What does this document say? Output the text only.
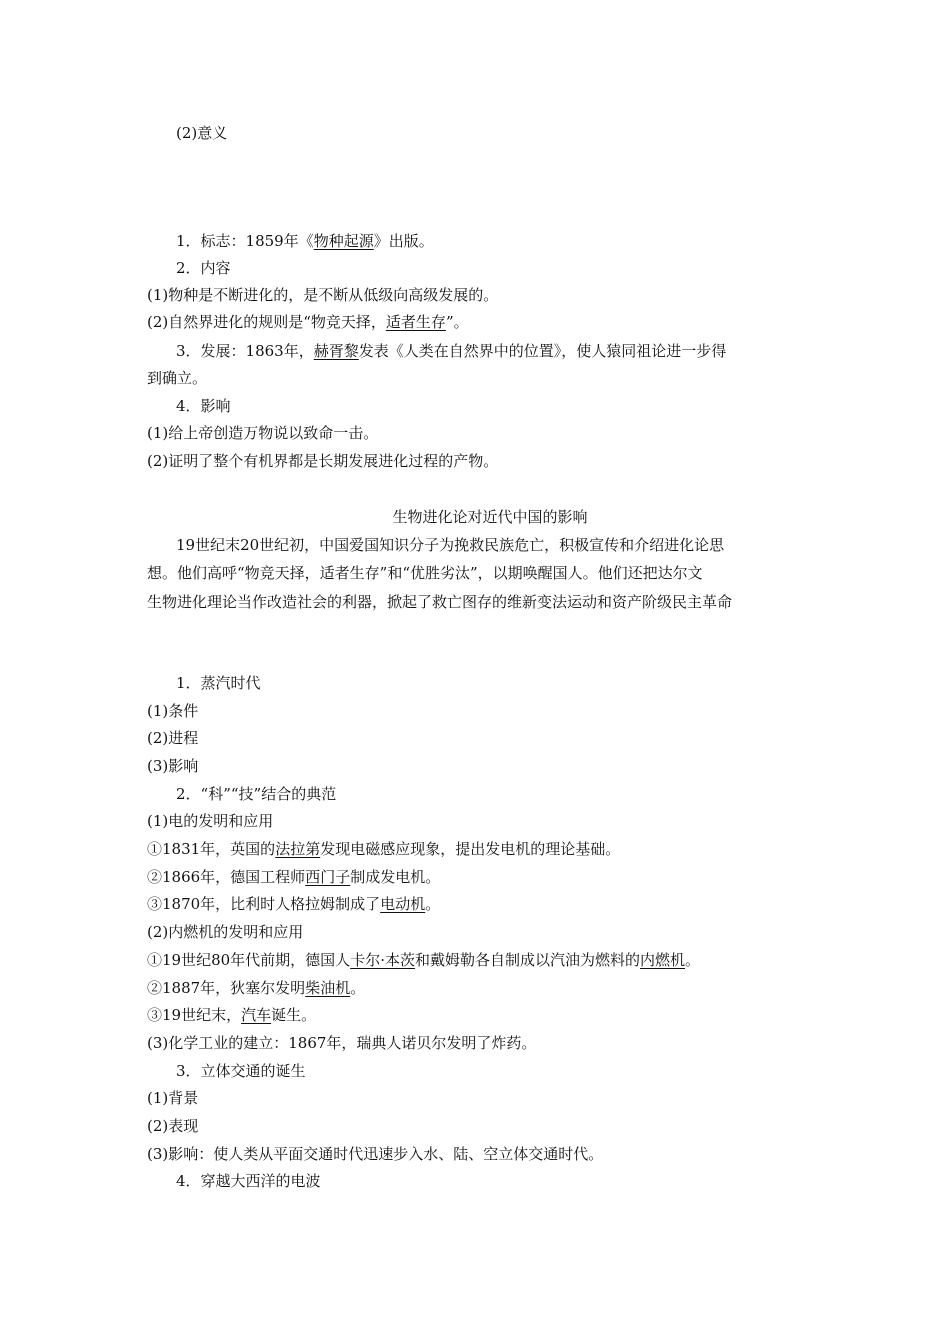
(2)意义
1．标志：1859年《物种起源》出版。
2．内容
(1)物种是不断进化的，是不断从低级向高级发展的。
(2)自然界进化的规则是“物竞天择，适者生存”。
3．发展：1863年，赫胥黎发表《人类在自然界中的位置》，使人猿同祖论进一步得
到确立。
4．影响
(1)给上帝创造万物说以致命一击。
(2)证明了整个有机界都是长期发展进化过程的产物。
生物进化论对近代中国的影响
19世纪末20世纪初，中国爱国知识分子为挽救民族危亡，积极宣传和介绍进化论思
想。他们高呼“物竞天择，适者生存”和“优胜劣汰”，以期唤醒国人。他们还把达尔文
生物进化理论当作改造社会的利器，掀起了救亡图存的维新变法运动和资产阶级民主革命
1．蒸汽时代
(1)条件
(2)进程
(3)影响
2．“科”“技”结合的典范
(1)电的发明和应用
①1831年，英国的法拉第发现电磁感应现象，提出发电机的理论基础。
②1866年，德国工程师西门子制成发电机。
③1870年，比利时人格拉姆制成了电动机。
(2)内燃机的发明和应用
①19世纪80年代前期，德国人卡尔·本茨和戴姆勒各自制成以汽油为燃料的内燃机。
②1887年，狄塞尔发明柴油机。
③19世纪末，汽车诞生。
(3)化学工业的建立：1867年，瑞典人诺贝尔发明了炸药。
3．立体交通的诞生
(1)背景
(2)表现
(3)影响：使人类从平面交通时代迅速步入水、陆、空立体交通时代。
4．穿越大西洋的电波
